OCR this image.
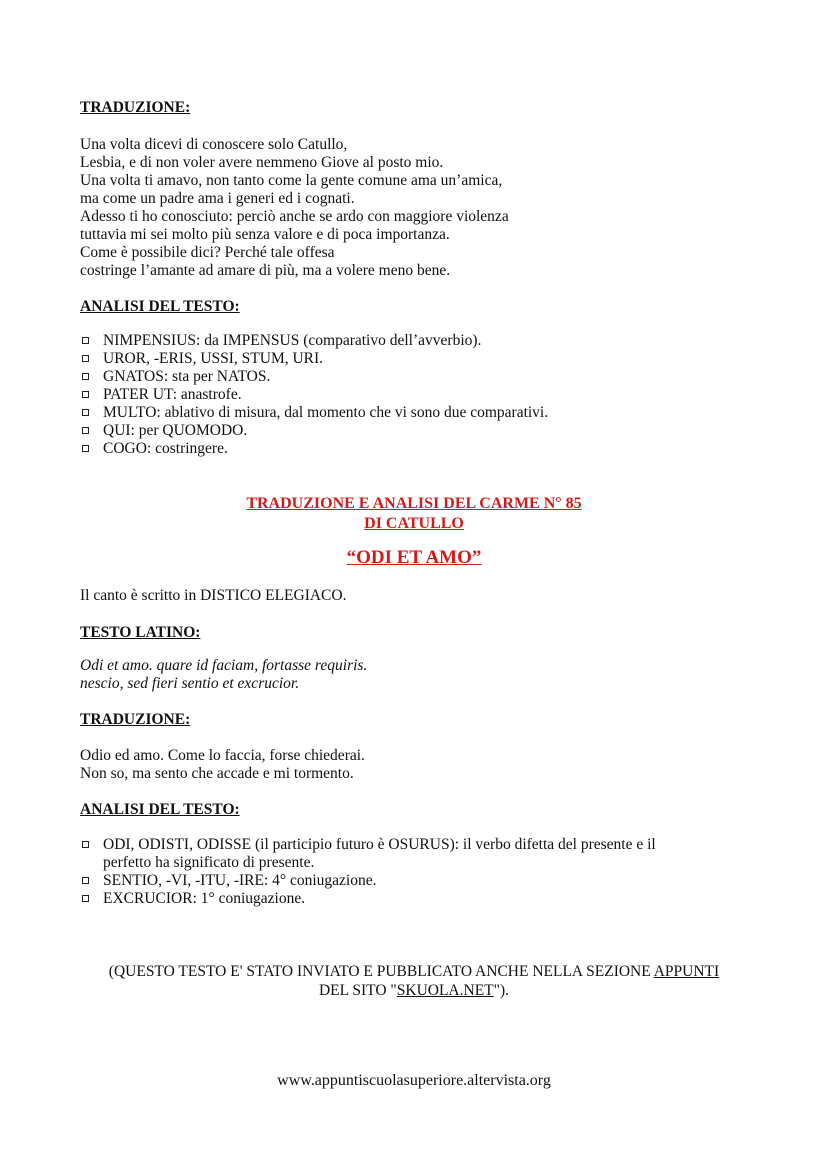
TRADUZIONE:
Una volta dicevi di conoscere solo Catullo,
Lesbia, e di non voler avere nemmeno Giove al posto mio.
Una volta ti amavo, non tanto come la gente comune ama un’amica,
ma come un padre ama i generi ed i cognati.
Adesso ti ho conosciuto: perciò anche se ardo con maggiore violenza
tuttavia mi sei molto più senza valore e di poca importanza.
Come è possibile dici? Perché tale offesa
costringe l’amante ad amare di più, ma a volere meno bene.
ANALISI DEL TESTO:
NIMPENSIUS: da IMPENSUS (comparativo dell’avverbio).
UROR, -ERIS, USSI, STUM, URI.
GNATOS: sta per NATOS.
PATER UT: anastrofe.
MULTO: ablativo di misura, dal momento che vi sono due comparativi.
QUI: per QUOMODO.
COGO: costringere.
TRADUZIONE E ANALISI DEL CARME N° 85
DI CATULLO
“ODI ET AMO”
Il canto è scritto in DISTICO ELEGIACO.
TESTO LATINO:
Odi et amo. quare id faciam, fortasse requiris.
nescio, sed fieri sentio et excrucior.
TRADUZIONE:
Odio ed amo. Come lo faccia, forse chiederai.
Non so, ma sento che accade e mi tormento.
ANALISI DEL TESTO:
ODI, ODISTI, ODISSE (il participio futuro è OSURUS): il verbo difetta del presente e il
perfetto ha significato di presente.
SENTIO, -VI, -ITU, -IRE: 4° coniugazione.
EXCRUCIOR: 1° coniugazione.
(QUESTO TESTO E' STATO INVIATO E PUBBLICATO ANCHE NELLA SEZIONE APPUNTI
DEL SITO "SKUOLA.NET").
www.appuntiscuolasuperiore.altervista.org
